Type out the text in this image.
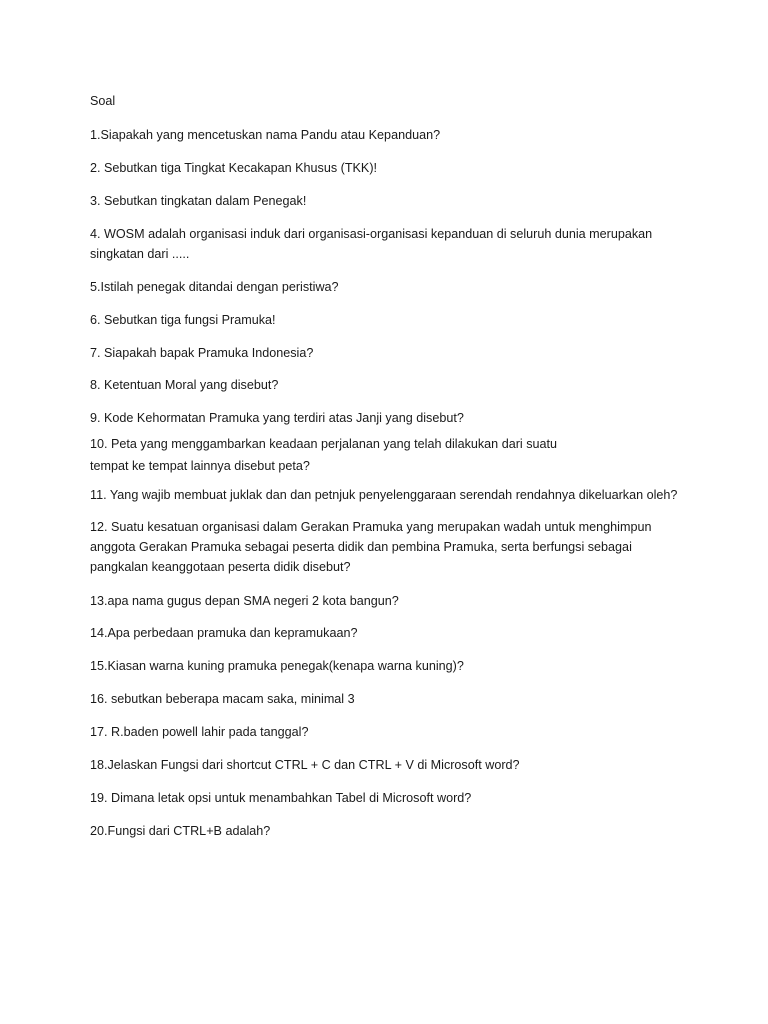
Soal
1.Siapakah yang mencetuskan nama Pandu atau Kepanduan?
2. Sebutkan tiga Tingkat Kecakapan Khusus (TKK)!
3. Sebutkan tingkatan dalam Penegak!
4. WOSM adalah organisasi induk dari organisasi-organisasi kepanduan di seluruh dunia merupakan
singkatan dari .....
5.Istilah penegak ditandai dengan peristiwa?
6. Sebutkan tiga fungsi Pramuka!
7. Siapakah bapak Pramuka Indonesia?
8. Ketentuan Moral yang disebut?
9. Kode Kehormatan Pramuka yang terdiri atas Janji yang disebut?
10. Peta yang menggambarkan keadaan perjalanan yang telah dilakukan dari suatu
tempat ke tempat lainnya disebut peta?
11. Yang wajib membuat juklak dan dan petnjuk penyelenggaraan serendah rendahnya dikeluarkan oleh?
12. Suatu kesatuan organisasi dalam Gerakan Pramuka yang merupakan wadah untuk menghimpun
anggota Gerakan Pramuka sebagai peserta didik dan pembina Pramuka, serta berfungsi sebagai
pangkalan keanggotaan peserta didik disebut?
13.apa nama gugus depan SMA negeri 2 kota bangun?
14.Apa perbedaan pramuka dan kepramukaan?
15.Kiasan warna kuning pramuka penegak(kenapa warna kuning)?
16. sebutkan beberapa macam saka, minimal 3
17. R.baden powell lahir pada tanggal?
18.Jelaskan Fungsi dari shortcut CTRL + C dan CTRL + V di Microsoft word?
19. Dimana letak opsi untuk menambahkan Tabel di Microsoft word?
20.Fungsi dari CTRL+B adalah?
